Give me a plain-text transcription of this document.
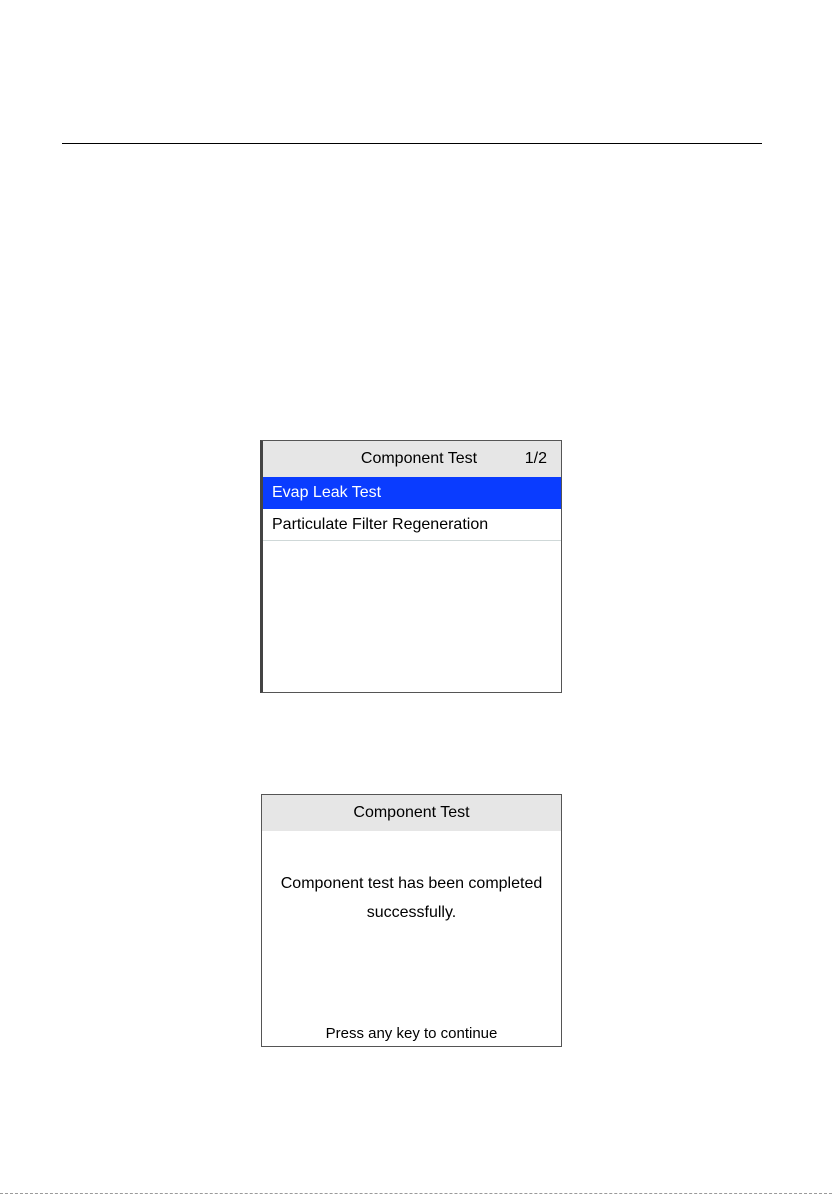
Component Test	1/2
Evap Leak Test
Particulate Filter Regeneration
Component Test
Component test has been completed
successfully.
Press any key to continue
